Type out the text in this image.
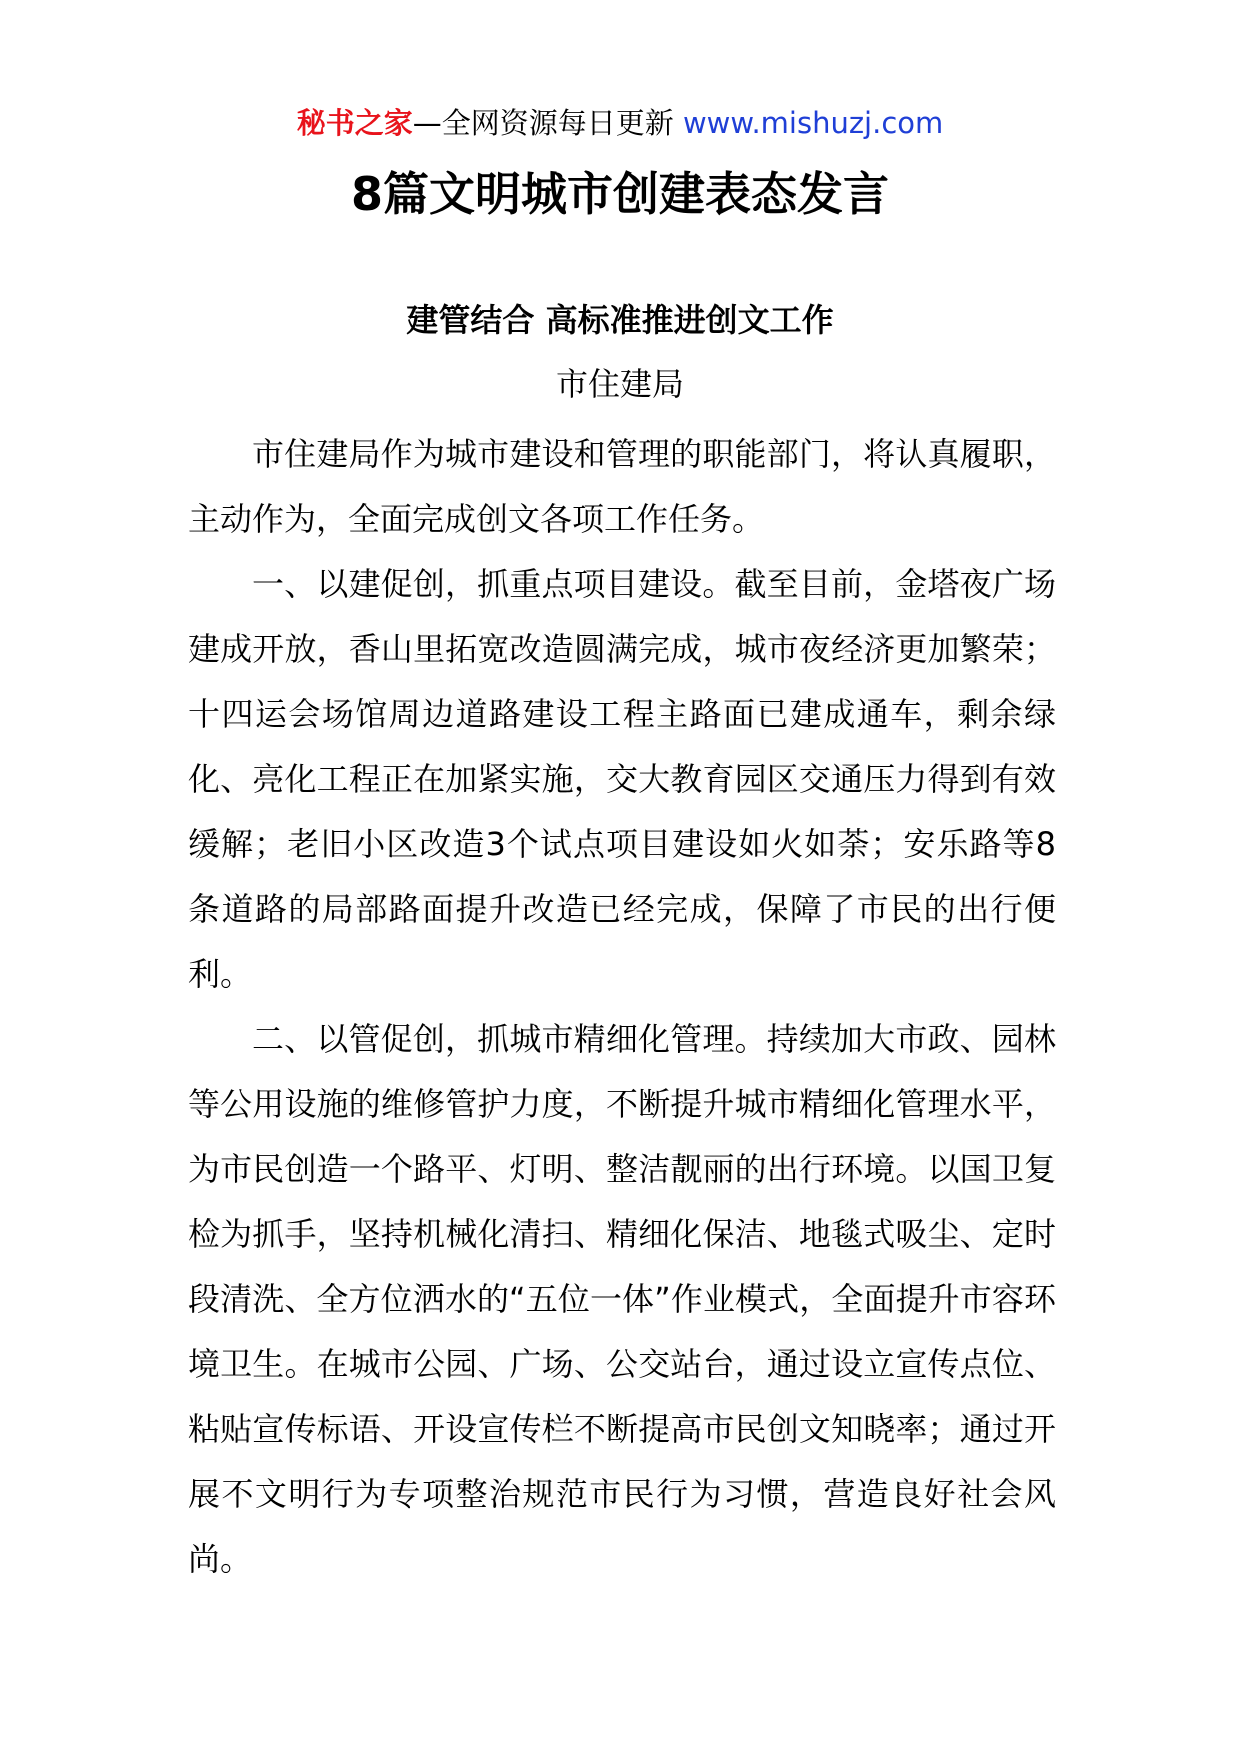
秘书之家—全网资源每日更新 www.mishuzj.com
8篇文明城市创建表态发言
建管结合 高标准推进创文工作
市住建局

市住建局作为城市建设和管理的职能部门，将认真履职，主动作为，全面完成创文各项工作任务。

一、以建促创，抓重点项目建设。截至目前，金塔夜广场建成开放，香山里拓宽改造圆满完成，城市夜经济更加繁荣；十四运会场馆周边道路建设工程主路面已建成通车，剩余绿化、亮化工程正在加紧实施，交大教育园区交通压力得到有效缓解；老旧小区改造3个试点项目建设如火如荼；安乐路等8条道路的局部路面提升改造已经完成，保障了市民的出行便利。

二、以管促创，抓城市精细化管理。持续加大市政、园林等公用设施的维修管护力度，不断提升城市精细化管理水平，为市民创造一个路平、灯明、整洁靓丽的出行环境。以国卫复检为抓手，坚持机械化清扫、精细化保洁、地毯式吸尘、定时段清洗、全方位洒水的“五位一体”作业模式，全面提升市容环境卫生。在城市公园、广场、公交站台，通过设立宣传点位、粘贴宣传标语、开设宣传栏不断提高市民创文知晓率；通过开展不文明行为专项整治规范市民行为习惯，营造良好社会风尚。
